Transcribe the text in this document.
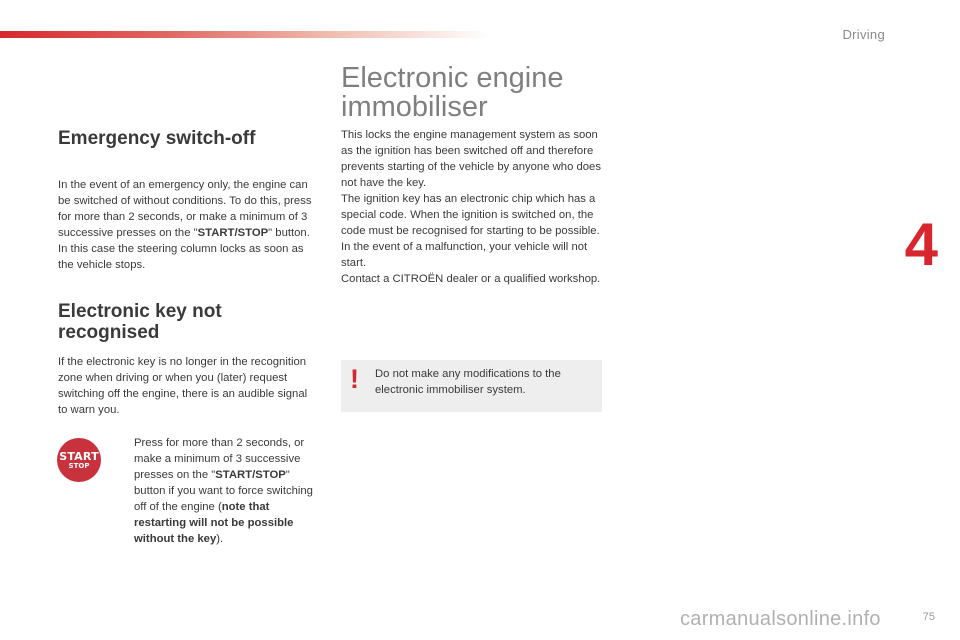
Driving
4
75
Emergency switch-off

In the event of an emergency only, the engine can be switched of without conditions. To do this, press for more than 2 seconds, or make a minimum of 3 successive presses on the "START/STOP" button.

In this case the steering column locks as soon as the vehicle stops.

Electronic key not recognised

If the electronic key is no longer in the recognition zone when driving or when you (later) request switching off the engine, there is an audible signal to warn you.

START
STOP

Press for more than 2 seconds, or make a minimum of 3 successive presses on the "START/STOP" button if you want to force switching off of the engine (note that restarting will not be possible without the key).

Electronic engine immobiliser

This locks the engine management system as soon as the ignition has been switched off and therefore prevents starting of the vehicle by anyone who does not have the key.

The ignition key has an electronic chip which has a special code. When the ignition is switched on, the code must be recognised for starting to be possible.

In the event of a malfunction, your vehicle will not start.

Contact a CITROËN dealer or a qualified workshop.

! Do not make any modifications to the electronic immobiliser system.

carmanualsonline.info
